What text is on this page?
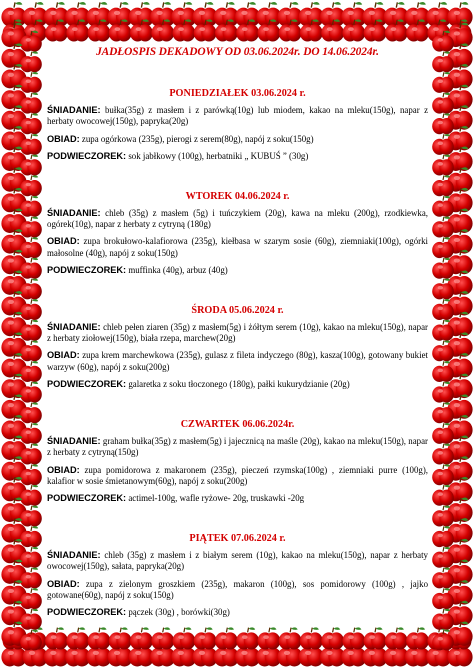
JADŁOSPIS DEKADOWY OD 03.06.2024r. DO 14.06.2024r.
PONIEDZIAŁEK 03.06.2024 r.

ŚNIADANIE: bułka(35g) z masłem i z parówką(10g) lub miodem, kakao na mleku(150g), napar z herbaty owocowej(150g), papryka(20g)

OBIAD: zupa ogórkowa (235g), pierogi z serem(80g), napój z soku(150g)

PODWIECZOREK: sok jabłkowy (100g), herbatniki „ KUBUŚ ” (30g)

WTOREK 04.06.2024 r.

ŚNIADANIE: chleb (35g) z masłem (5g) i tuńczykiem (20g), kawa na mleku (200g), rzodkiewka, ogórek(10g), napar z herbaty z cytryną (180g)

OBIAD: zupa brokułowo-kalafiorowa (235g), kiełbasa w szarym sosie (60g), ziemniaki(100g), ogórki małosolne (40g), napój z soku(150g)

PODWIECZOREK: muffinka (40g), arbuz (40g)

ŚRODA 05.06.2024 r.

ŚNIADANIE: chleb pełen ziaren (35g) z masłem(5g) i żółtym serem (10g), kakao na mleku(150g), napar z herbaty ziołowej(150g), biała rzepa, marchew(20g)

OBIAD: zupa krem marchewkowa (235g), gulasz z fileta indyczego (80g), kasza(100g), gotowany bukiet warzyw (60g), napój z soku(200g)

PODWIECZOREK: galaretka z soku tłoczonego (180g), pałki kukurydzianie (20g)

CZWARTEK 06.06.2024r.

ŚNIADANIE: graham bułka(35g) z masłem(5g) i jajecznicą na maśle (20g), kakao na mleku(150g), napar z herbaty z cytryną(150g)

OBIAD: zupa pomidorowa z makaronem (235g), pieczeń rzymska(100g) , ziemniaki purre (100g), kalafior w sosie śmietanowym(60g), napój z soku(200g)

PODWIECZOREK: actimel-100g, wafle ryżowe- 20g, truskawki -20g

PIĄTEK 07.06.2024 r.

ŚNIADANIE: chleb (35g) z masłem i z białym serem (10g), kakao na mleku(150g), napar z herbaty owocowej(150g), sałata, papryka(20g)

OBIAD: zupa z zielonym groszkiem (235g), makaron (100g), sos pomidorowy (100g) , jajko gotowane(60g), napój z soku(150g)

PODWIECZOREK: pączek (30g) , borówki(30g)
